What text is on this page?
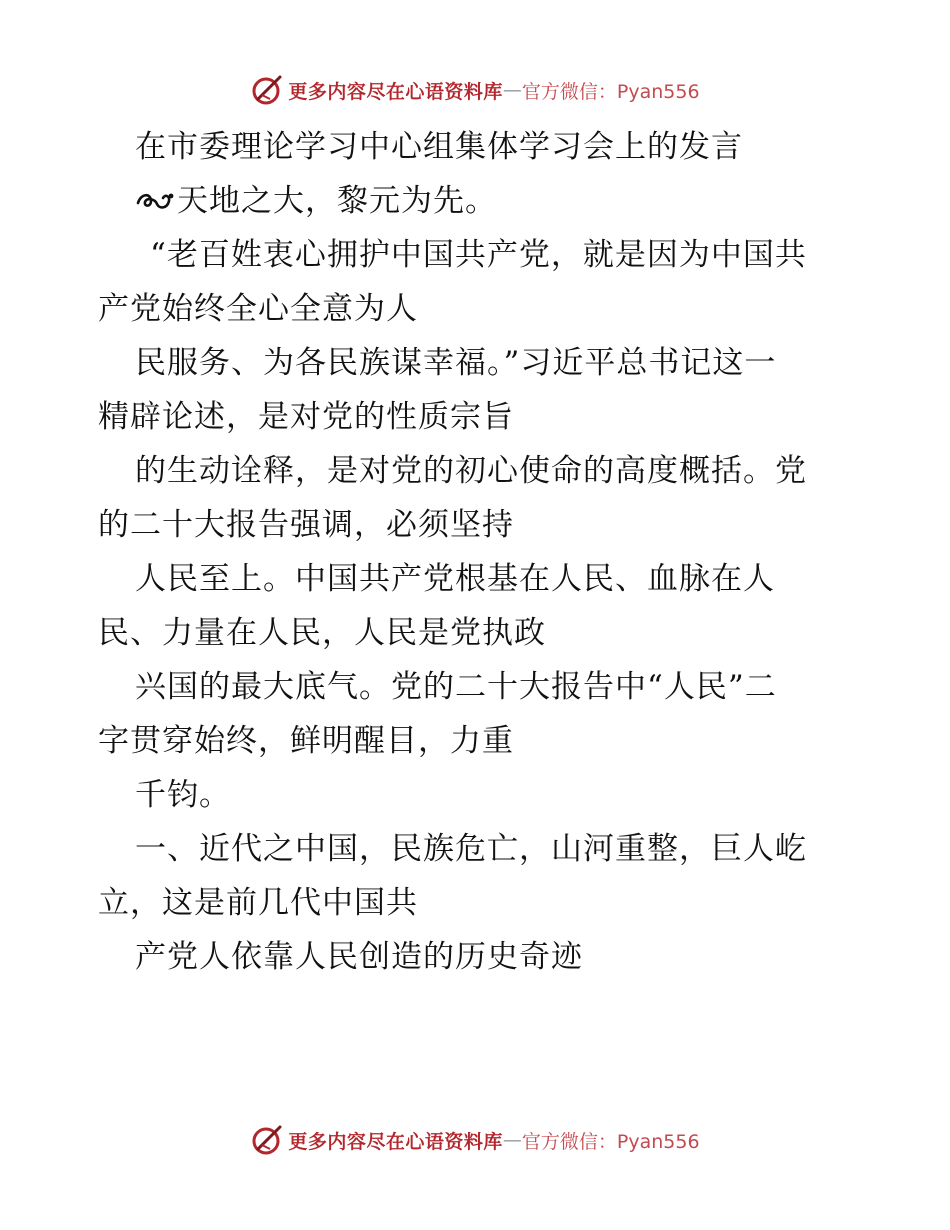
更多内容尽在心语资料库 — 官方微信：Pyan556
在市委理论学习中心组集体学习会上的发言
天地之大，黎元为先。
“老百姓衷心拥护中国共产党，就是因为中国共
产党始终全心全意为人
民服务、为各民族谋幸福。”习近平总书记这一
精辟论述，是对党的性质宗旨
的生动诠释，是对党的初心使命的高度概括。党
的二十大报告强调，必须坚持
人民至上。中国共产党根基在人民、血脉在人
民、力量在人民，人民是党执政
兴国的最大底气。党的二十大报告中“人民”二
字贯穿始终，鲜明醒目，力重
千钧。
一、近代之中国，民族危亡，山河重整，巨人屹
立，这是前几代中国共
产党人依靠人民创造的历史奇迹
更多内容尽在心语资料库 — 官方微信：Pyan556
